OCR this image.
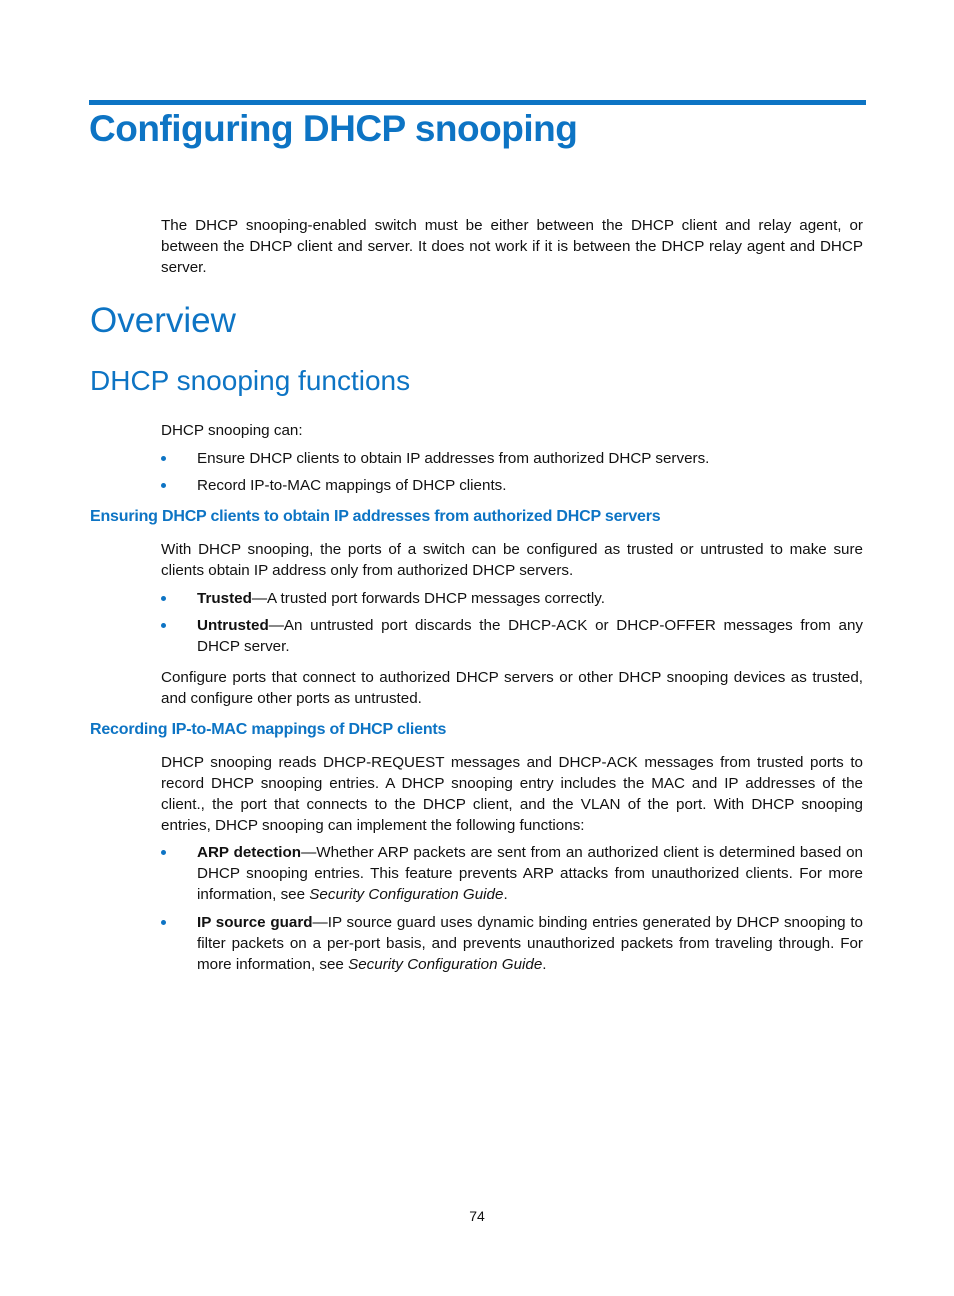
Configuring DHCP snooping

The DHCP snooping-enabled switch must be either between the DHCP client and relay agent, or between the DHCP client and server. It does not work if it is between the DHCP relay agent and DHCP server.

Overview
DHCP snooping functions

DHCP snooping can:

Ensure DHCP clients to obtain IP addresses from authorized DHCP servers.
Record IP-to-MAC mappings of DHCP clients.
Ensuring DHCP clients to obtain IP addresses from authorized DHCP servers

With DHCP snooping, the ports of a switch can be configured as trusted or untrusted to make sure clients obtain IP address only from authorized DHCP servers.

Trusted—A trusted port forwards DHCP messages correctly.
Untrusted—An untrusted port discards the DHCP-ACK or DHCP-OFFER messages from any DHCP server.

Configure ports that connect to authorized DHCP servers or other DHCP snooping devices as trusted, and configure other ports as untrusted.

Recording IP-to-MAC mappings of DHCP clients

DHCP snooping reads DHCP-REQUEST messages and DHCP-ACK messages from trusted ports to record DHCP snooping entries. A DHCP snooping entry includes the MAC and IP addresses of the client., the port that connects to the DHCP client, and the VLAN of the port. With DHCP snooping entries, DHCP snooping can implement the following functions:

ARP detection—Whether ARP packets are sent from an authorized client is determined based on DHCP snooping entries. This feature prevents ARP attacks from unauthorized clients. For more information, see Security Configuration Guide.
IP source guard—IP source guard uses dynamic binding entries generated by DHCP snooping to filter packets on a per-port basis, and prevents unauthorized packets from traveling through. For more information, see Security Configuration Guide.
74
